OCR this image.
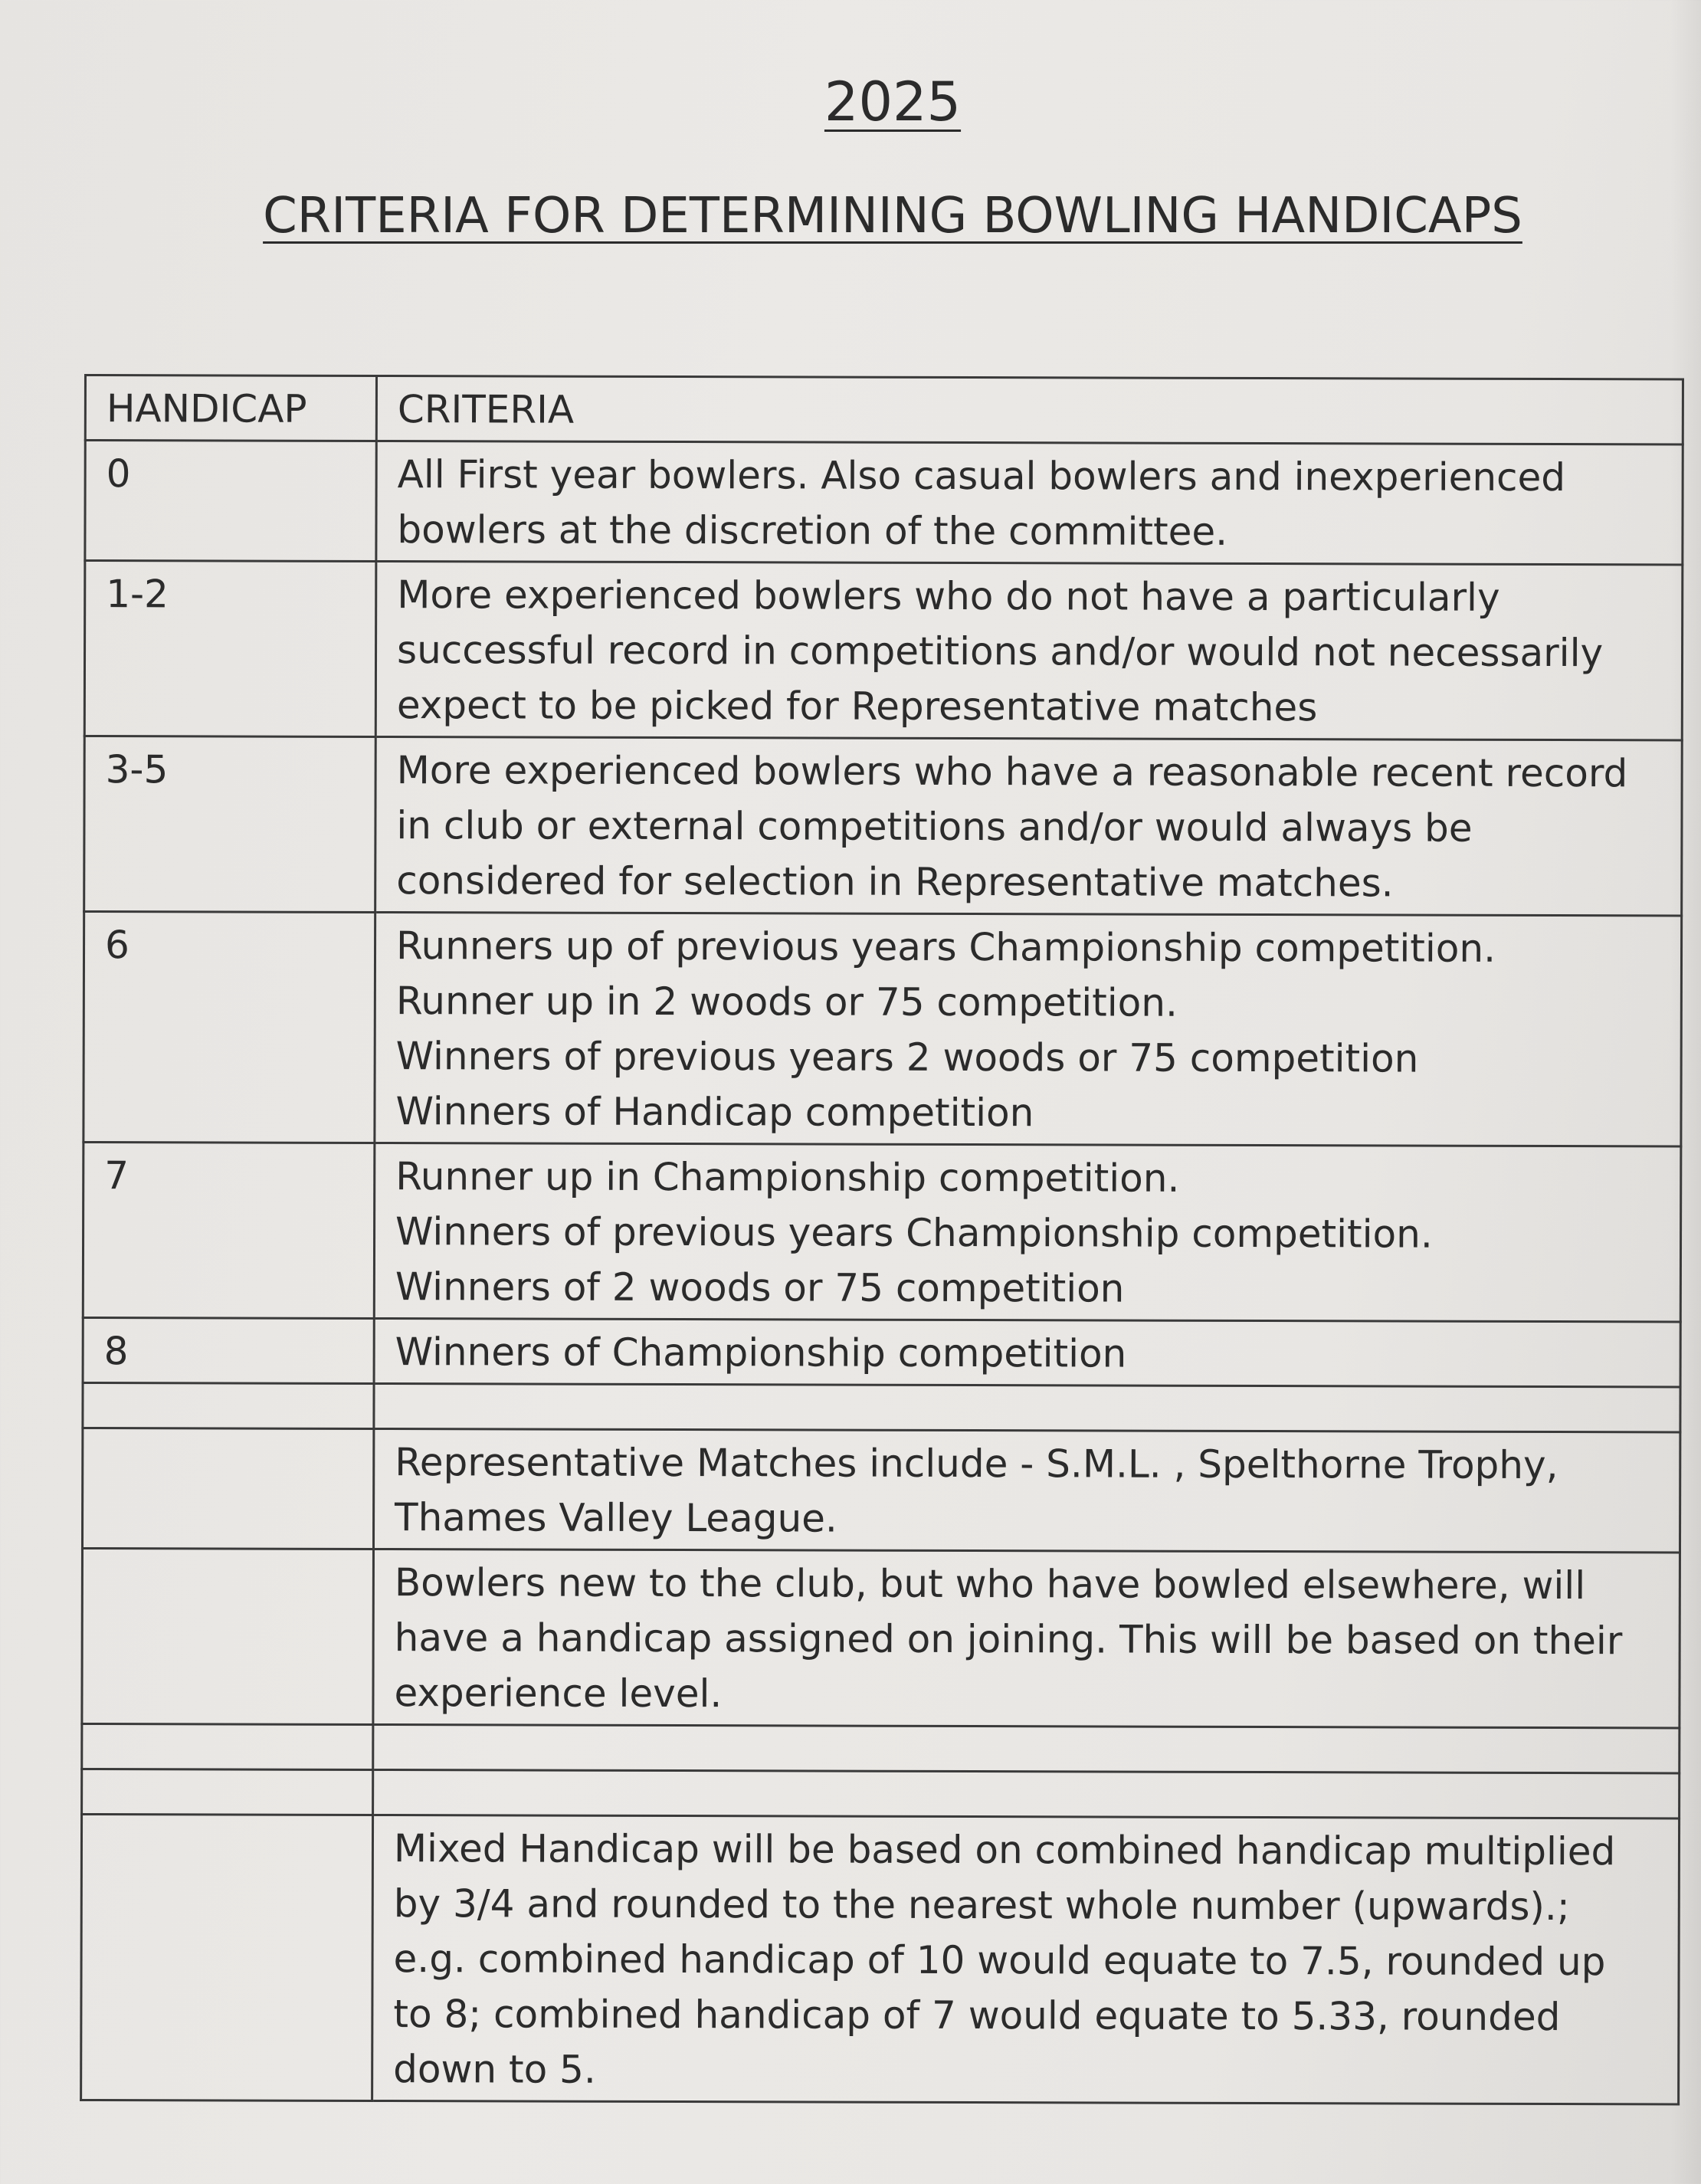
2025
CRITERIA FOR DETERMINING BOWLING HANDICAPS
HANDICAP	CRITERIA
0	All First year bowlers. Also casual bowlers and inexperienced
bowlers at the discretion of the committee.

1-2	More experienced bowlers who do not have a particularly
successful record in competitions and/or would not necessarily
expect to be picked for Representative matches

3-5	More experienced bowlers who have a reasonable recent record
in club or external competitions and/or would always be
considered for selection in Representative matches.

6	Runners up of previous years Championship competition.
Runner up in 2 woods or 75 competition.
Winners of previous years 2 woods or 75 competition
Winners of Handicap competition

7	Runner up in Championship competition.
Winners of previous years Championship competition.
Winners of 2 woods or 75 competition

8	Winners of Championship competition

	Representative Matches include - S.M.L. , Spelthorne Trophy,
Thames Valley League.

	Bowlers new to the club, but who have bowled elsewhere, will
have a handicap assigned on joining. This will be based on their
experience level.

	Mixed Handicap will be based on combined handicap multiplied
by 3/4 and rounded to the nearest whole number (upwards).;
e.g. combined handicap of 10 would equate to 7.5, rounded up
to 8; combined handicap of 7 would equate to 5.33, rounded
down to 5.
